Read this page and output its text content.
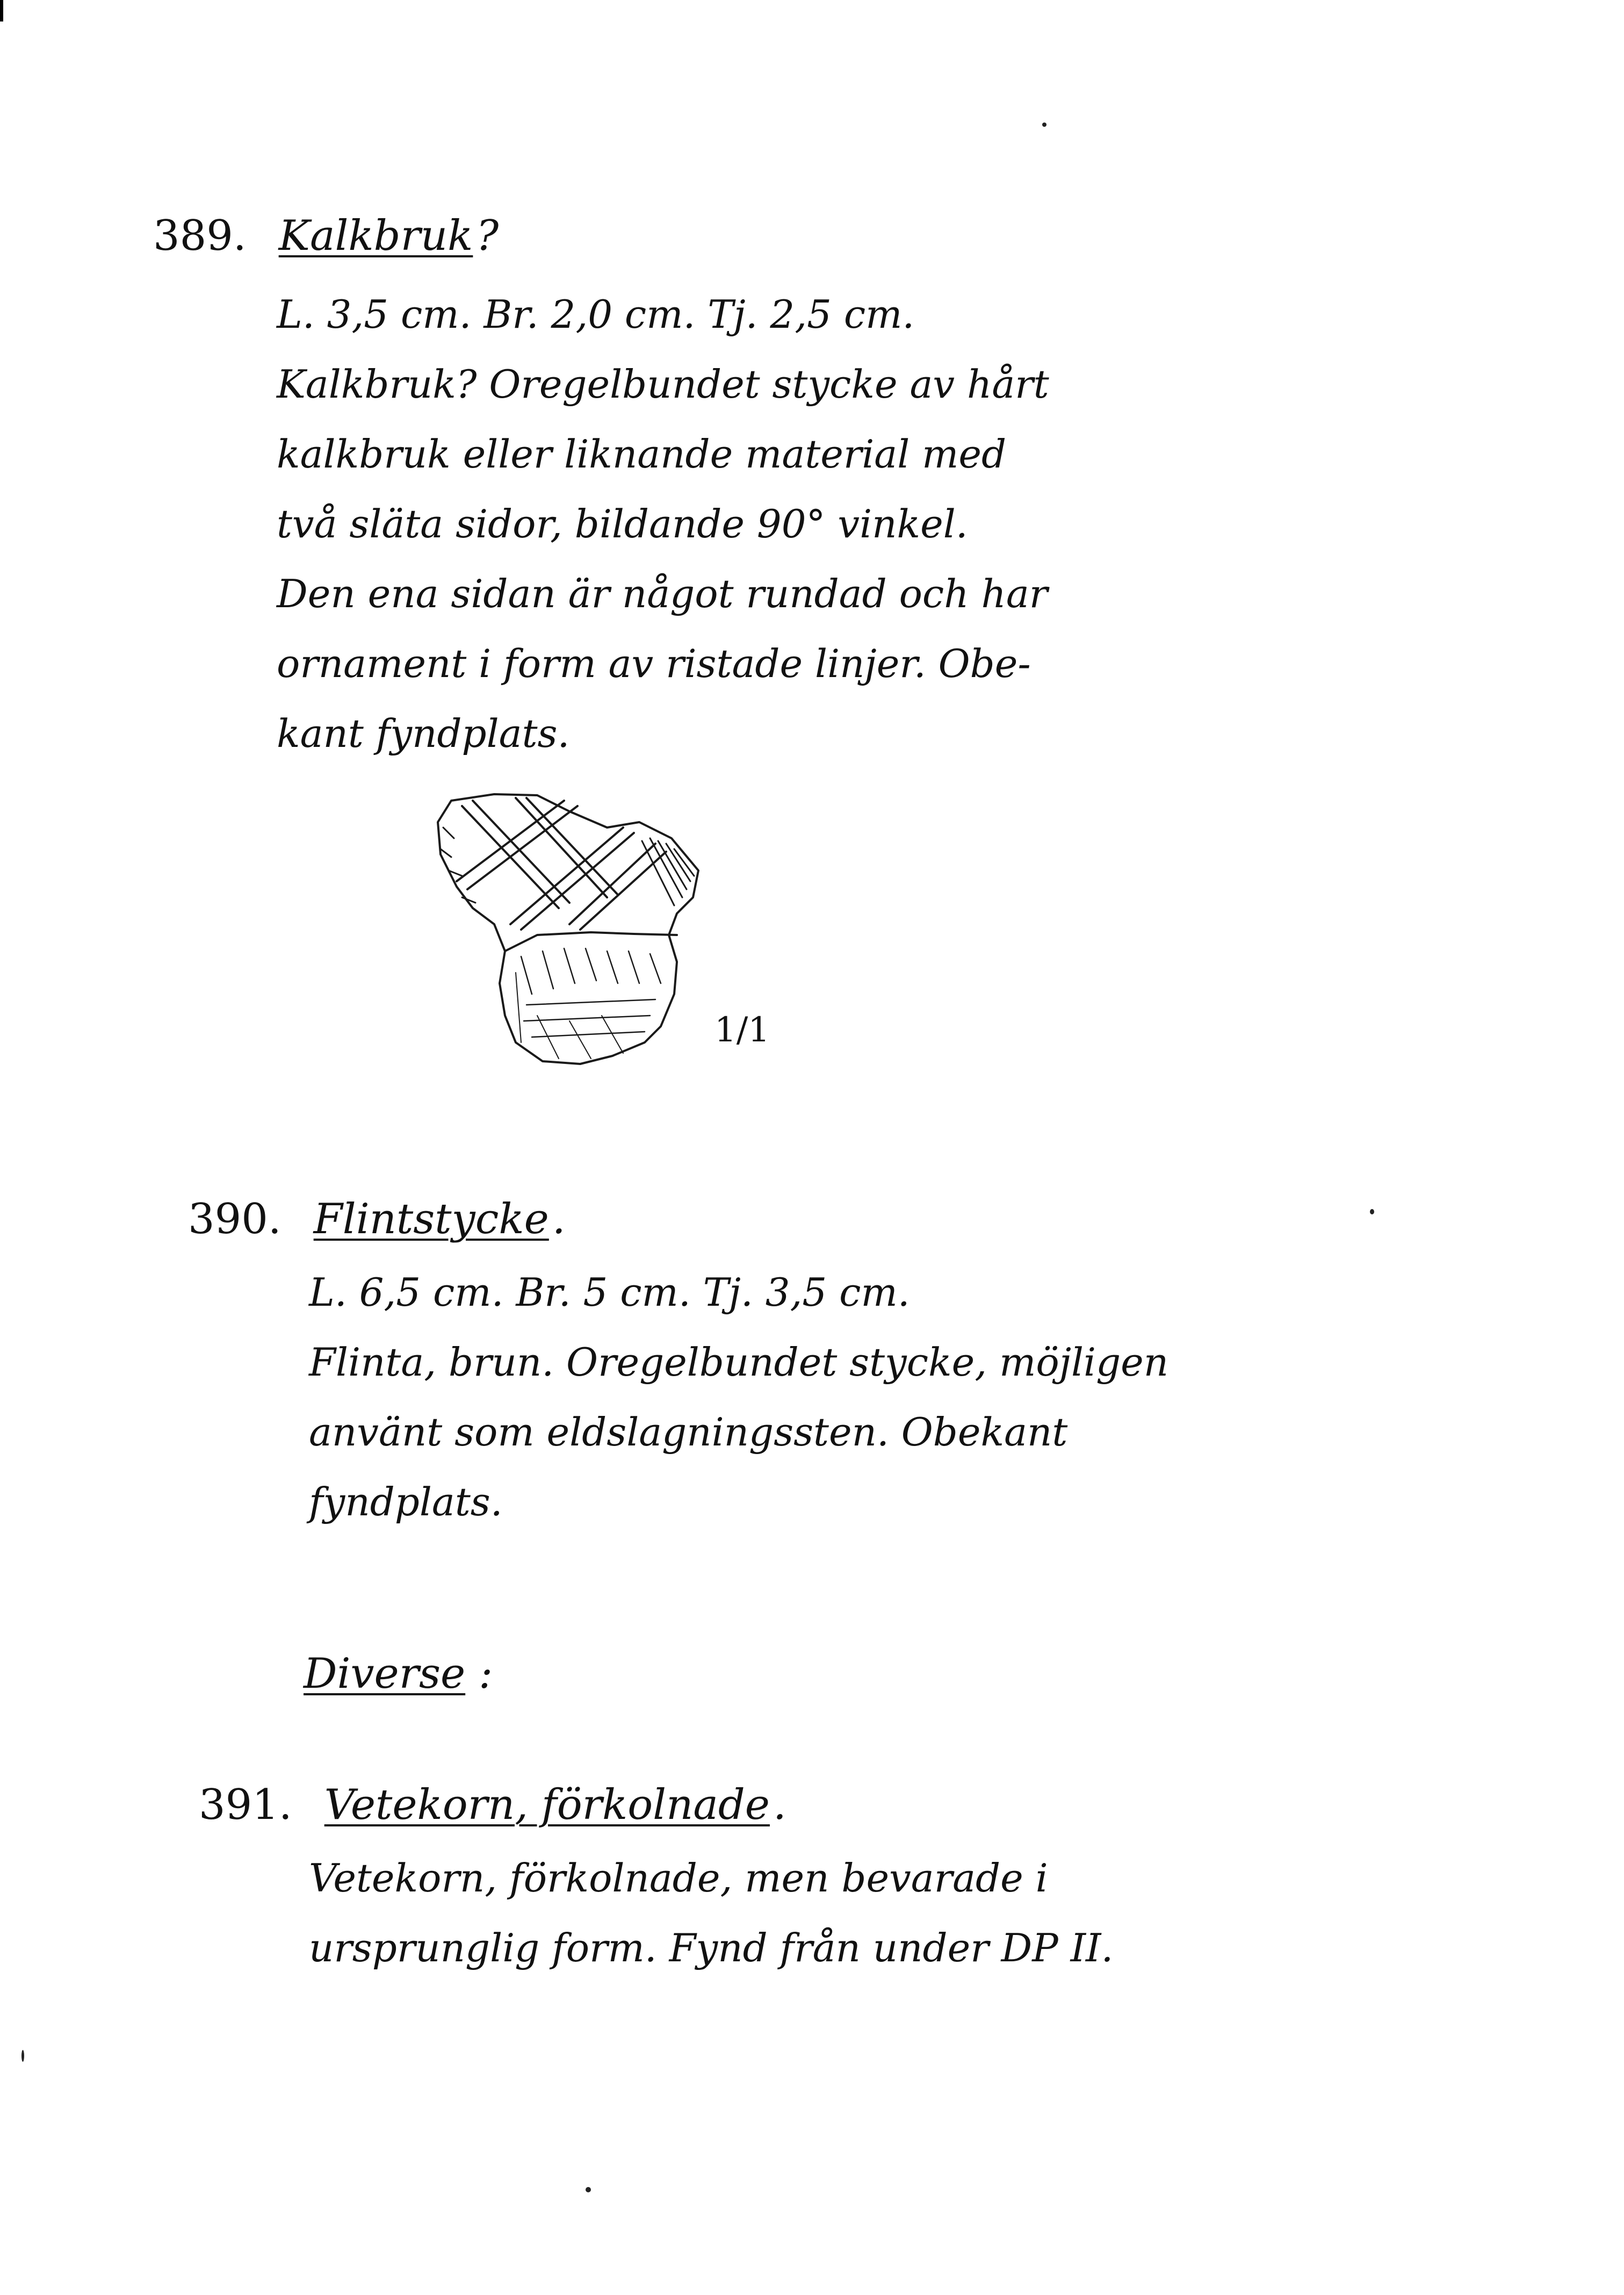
389. Kalkbruk?
L. 3,5 cm. Br. 2,0 cm. Tj. 2,5 cm.
Kalkbruk? Oregelbundet stycke av hårt
kalkbruk eller liknande material med
två släta sidor, bildande 90° vinkel.
Den ena sidan är något rundad och har
ornament i form av ristade linjer. Obe-
kant fyndplats.
1/1
390. Flintstycke.
L. 6,5 cm. Br. 5 cm. Tj. 3,5 cm.
Flinta, brun. Oregelbundet stycke, möjligen
använt som eldslagningssten. Obekant
fyndplats.
Diverse :
391. Vetekorn, förkolnade.
Vetekorn, förkolnade, men bevarade i
ursprunglig form. Fynd från under DP II.
